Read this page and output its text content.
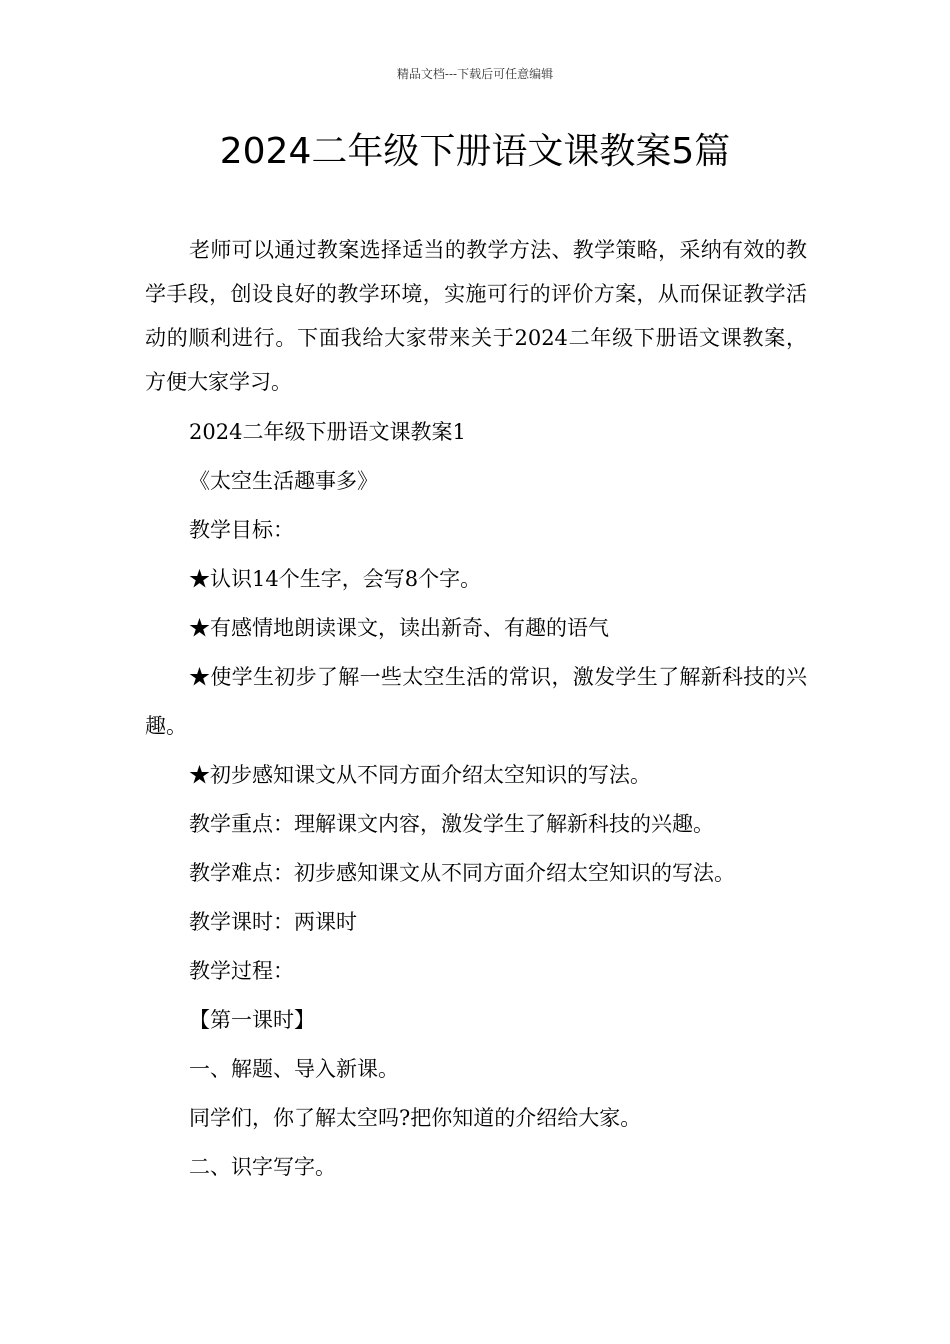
精品文档---下载后可任意编辑
2024二年级下册语文课教案5篇

老师可以通过教案选择适当的教学方法、教学策略，采纳有效的教学手段，创设良好的教学环境，实施可行的评价方案，从而保证教学活动的顺利进行。下面我给大家带来关于2024二年级下册语文课教案，方便大家学习。

2024二年级下册语文课教案1

《太空生活趣事多》

教学目标：

★认识14个生字，会写8个字。

★有感情地朗读课文，读出新奇、有趣的语气

★使学生初步了解一些太空生活的常识，激发学生了解新科技的兴趣。

★初步感知课文从不同方面介绍太空知识的写法。

教学重点：理解课文内容，激发学生了解新科技的兴趣。

教学难点：初步感知课文从不同方面介绍太空知识的写法。

教学课时：两课时

教学过程：

【第一课时】

一、解题、导入新课。

同学们，你了解太空吗?把你知道的介绍给大家。

二、识字写字。
